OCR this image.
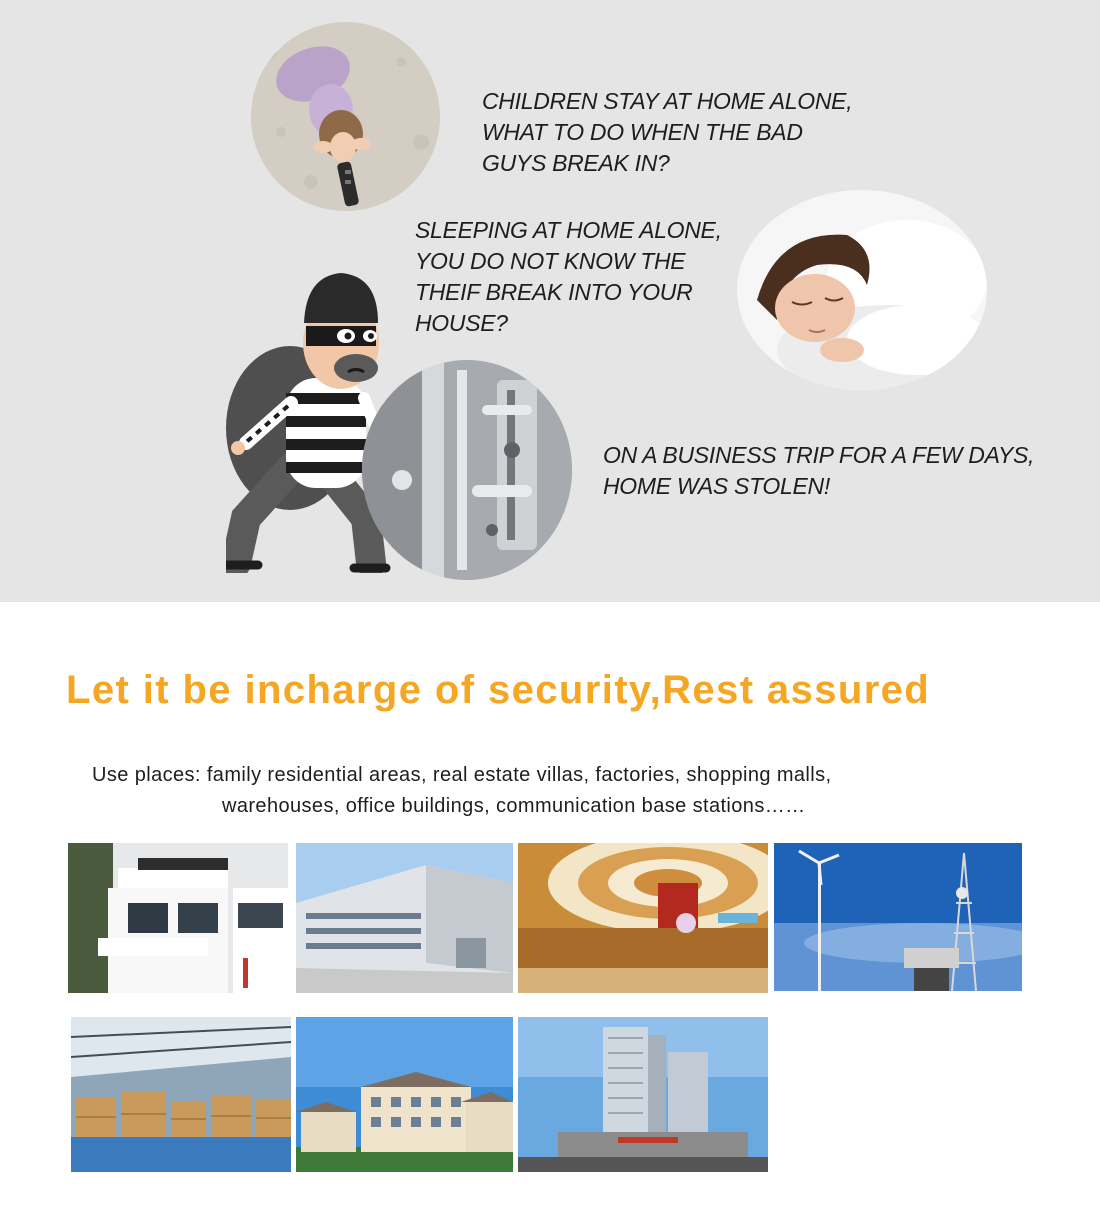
CHILDREN STAY AT HOME ALONE,
WHAT TO DO WHEN THE BAD
GUYS BREAK IN?

SLEEPING AT HOME ALONE,
YOU DO NOT KNOW THE
THEIF BREAK INTO YOUR
HOUSE?

ON A BUSINESS TRIP FOR A FEW DAYS,
HOME WAS STOLEN!

Let it be incharge of security,Rest assured

Use places: family residential areas, real estate villas, factories, shopping malls,

warehouses, office buildings, communication base stations……
